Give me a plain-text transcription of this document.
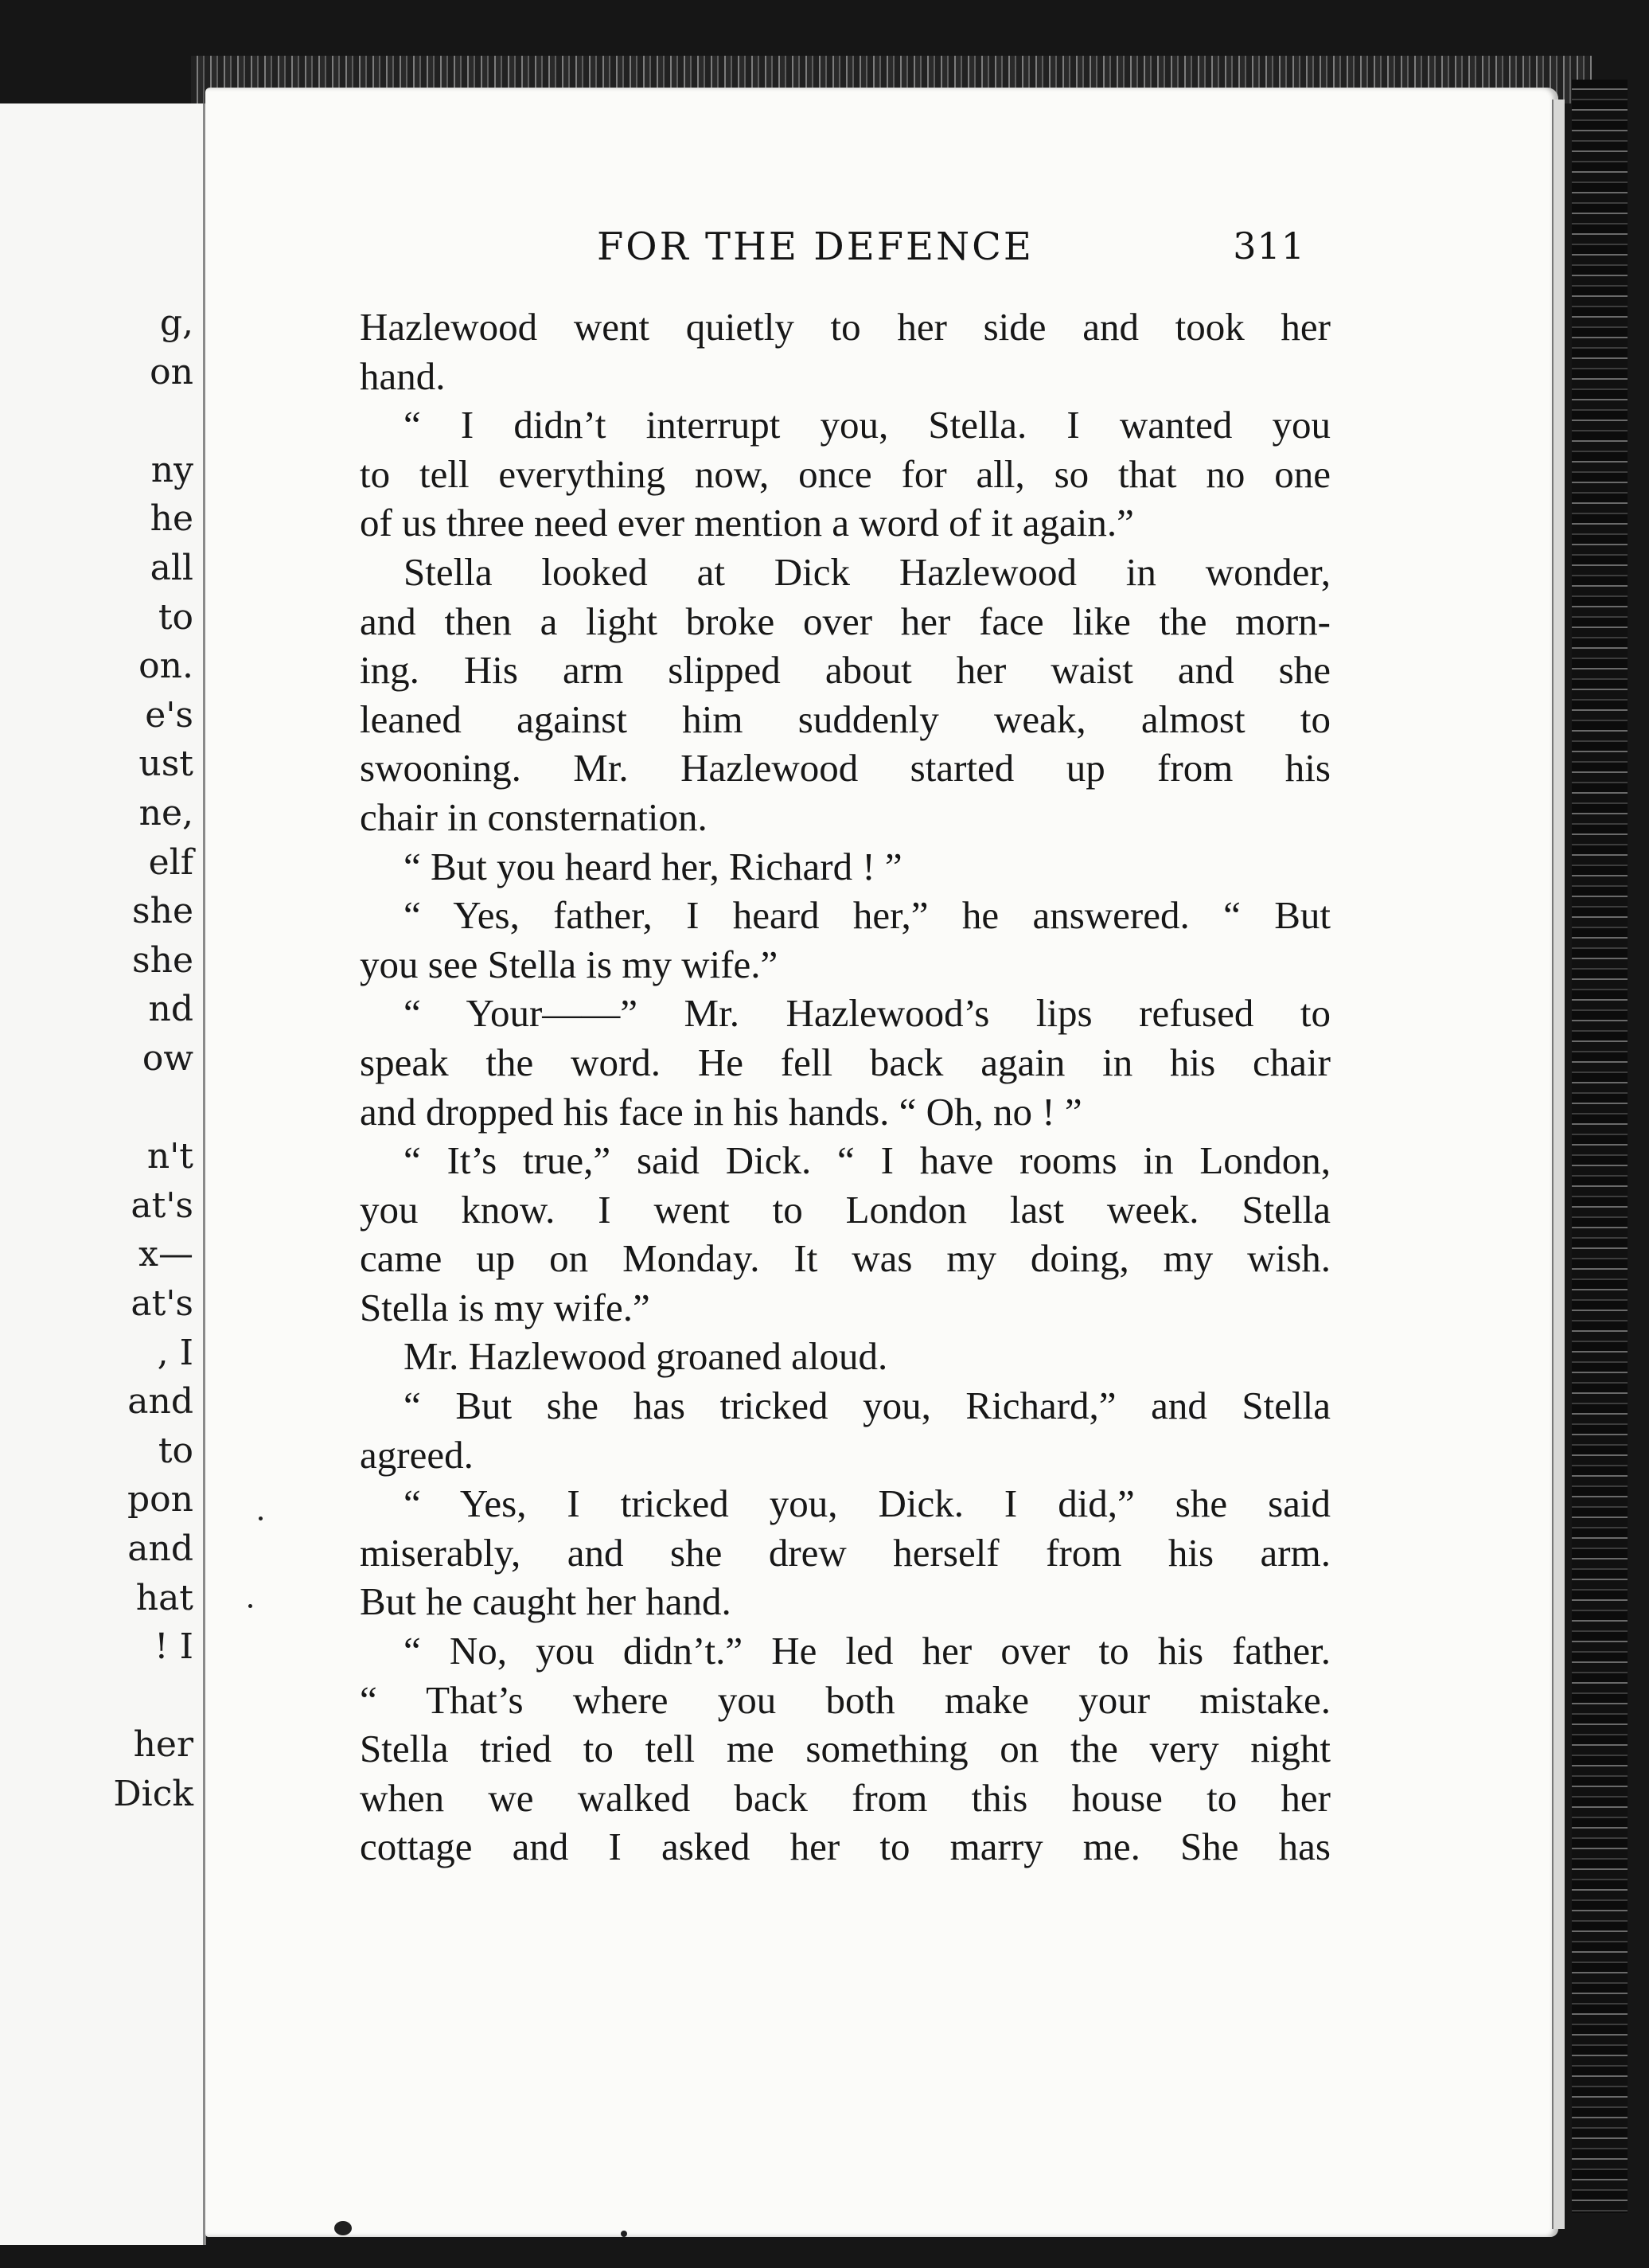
g,
on
ny
he
all
to
on.
e's
ust
ne,
elf
she
she
nd
ow
n't
at's
x—
at's
, I
and
to
pon
and
hat
! I
her
Dick
FOR THE DEFENCE	311
Hazlewood went quietly to her side and took her
hand.
“ I didn’t interrupt you, Stella. I wanted you
to tell everything now, once for all, so that no one
of us three need ever mention a word of it again.”
Stella looked at Dick Hazlewood in wonder,
and then a light broke over her face like the morn-
ing. His arm slipped about her waist and she
leaned against him suddenly weak, almost to
swooning. Mr. Hazlewood started up from his
chair in consternation.
“ But you heard her, Richard ! ”
“ Yes, father, I heard her,” he answered. “ But
you see Stella is my wife.”
“ Your——” Mr. Hazlewood’s lips refused to
speak the word. He fell back again in his chair
and dropped his face in his hands. “ Oh, no ! ”
“ It’s true,” said Dick. “ I have rooms in London,
you know. I went to London last week. Stella
came up on Monday. It was my doing, my wish.
Stella is my wife.”
Mr. Hazlewood groaned aloud.
“ But she has tricked you, Richard,” and Stella
agreed.
“ Yes, I tricked you, Dick. I did,” she said
miserably, and she drew herself from his arm.
But he caught her hand.
“ No, you didn’t.” He led her over to his father.
“ That’s where you both make your mistake.
Stella tried to tell me something on the very night
when we walked back from this house to her
cottage and I asked her to marry me. She has
